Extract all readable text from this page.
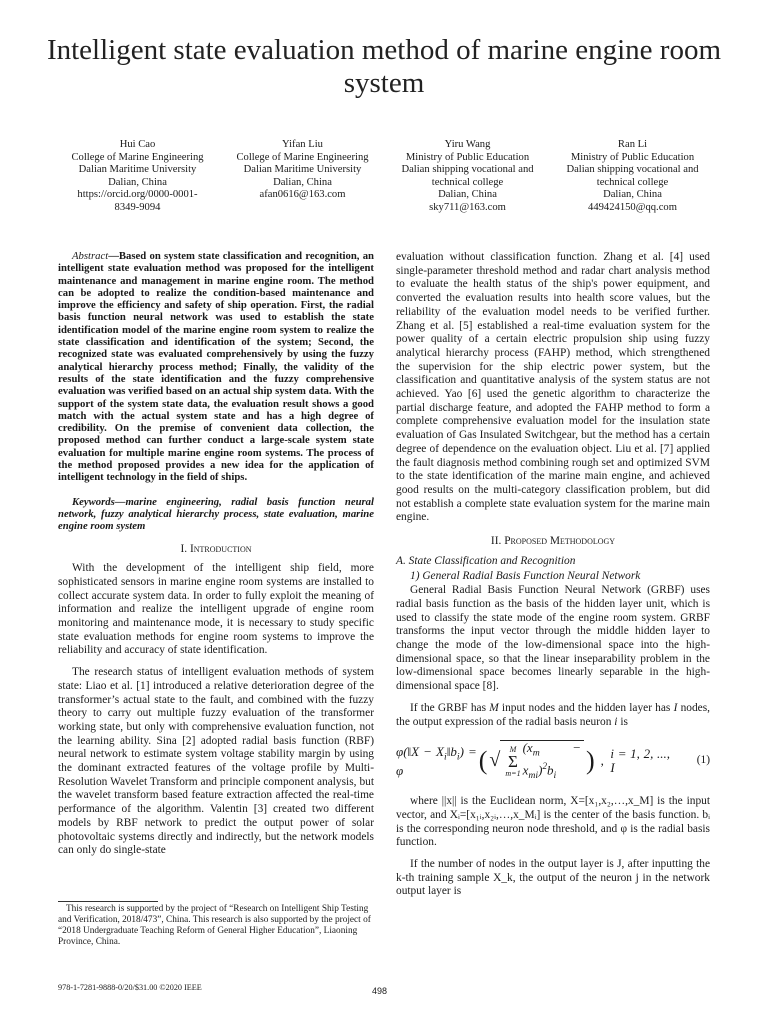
Intelligent state evaluation method of marine engine room system
Hui Cao
College of Marine Engineering
Dalian Maritime University
Dalian, China
https://orcid.org/0000-0001-
8349-9094
Yifan Liu
College of Marine Engineering
Dalian Maritime University
Dalian, China
afan0616@163.com
Yiru Wang
Ministry of Public Education
Dalian shipping vocational and
technical college
Dalian, China
sky711@163.com
Ran Li
Ministry of Public Education
Dalian shipping vocational and
technical college
Dalian, China
449424150@qq.com

Abstract—Based on system state classification and recognition, an intelligent state evaluation method was proposed for the intelligent maintenance and management in marine engine room. The method can be adopted to realize the condition-based maintenance and improve the efficiency and safety of ship operation. First, the radial basis function neural network was used to establish the state identification model of the marine engine room system to realize the state classification and identification of the system; Second, the recognized state was evaluated comprehensively by using the fuzzy analytical hierarchy process method; Finally, the validity of the results of the state identification and the fuzzy comprehensive evaluation was verified based on an actual ship system data. With the support of the system state data, the evaluation result shows a good match with the actual system state and has a high degree of credibility. On the premise of convenient data collection, the proposed method can further conduct a large-scale system state evaluation for multiple marine engine room systems. The process of the method proposed provides a new idea for the application of intelligent technology in the field of ships.

Keywords—marine engineering, radial basis function neural network, fuzzy analytical hierarchy process, state evaluation, marine engine room system

I. Introduction

With the development of the intelligent ship field, more sophisticated sensors in marine engine room systems are installed to collect accurate system data. In order to fully exploit the meaning of information and realize the intelligent upgrade of engine room monitoring and maintenance mode, it is necessary to study specific state evaluation methods for engine room systems to improve the reliability and accuracy of state identification.

The research status of intelligent evaluation methods of system state: Liao et al. [1] introduced a relative deterioration degree of the transformer’s actual state to the fault, and combined with the fuzzy theory to carry out multiple fuzzy evaluation of the transformer working state, but only with comprehensive evaluation function, not the learning ability. Sina [2] adopted radial basis function (RBF) neural network to estimate system voltage stability margin by using the dominant extracted features of the voltage profile by Multi-Resolution Wavelet Transform and principle component analysis, but the wavelet transform based feature extraction affected the real-time performance of the algorithm. Valentin [3] created two different models by RBF network to predict the output power of solar photovoltaic systems directly and indirectly, but the network models can only do single-state

evaluation without classification function. Zhang et al. [4] used single-parameter threshold method and radar chart analysis method to evaluate the health status of the ship's power equipment, and converted the evaluation results into health score values, but the reliability of the evaluation model needs to be verified further. Zhang et al. [5] established a real-time evaluation system for the power quality of a certain electric propulsion ship using fuzzy analytical hierarchy process (FAHP) method, which strengthened the supervision for the ship electric power system, but the classification and quantitative analysis of the system status are not achieved. Yao [6] used the genetic algorithm to characterize the partial discharge feature, and adopted the FAHP method to form a complete comprehensive evaluation model for the insulation state evaluation of Gas Insulated Switchgear, but the method has a certain degree of dependence on the evaluation object. Liu et al. [7] applied the fault diagnosis method combining rough set and optimized SVM to the state identification of the marine main engine, and achieved good results on the multi-category classification problem, but did not establish a complete state evaluation system for the marine main engine.

II. Proposed Methodology
A. State Classification and Recognition
1) General Radial Basis Function Neural Network

General Radial Basis Function Neural Network (GRBF) uses radial basis function as the basis of the hidden layer unit, which is used to classify the state mode of the engine room system. GRBF transforms the input vector through the middle hidden layer to change the mode of the low-dimensional space into the high-dimensional space, so that the linear inseparability problem in the low-dimensional space becomes linearly separable in the high-dimensional space [8].

If the GRBF has M input nodes and the hidden layer has I nodes, the output expression of the radial basis neuron i is

φ(‖X − $X_i‖b_i) = \varphi$	( √
M
Σ
m=1
$(x_m - x_{mi})^2b_i$
) , i = 1, 2, ..., I	(1)

where ||x|| is the Euclidean norm, X=[x₁,x₂,…,x_M] is the input vector, and Xᵢ=[x₁ᵢ,x₂ᵢ,…,x_Mᵢ] is the center of the basis function. bᵢ is the corresponding neuron node threshold, and φ is the radial basis function.

If the number of nodes in the output layer is J, after inputting the k-th training sample X_k, the output of the neuron j in the network output layer is

This research is supported by the project of “Research on Intelligent Ship Testing and Verification, 2018/473”, China. This research is also supported by the project of “2018 Undergraduate Teaching Reform of General Higher Education”, Liaoning Province, China.
978-1-7281-9888-0/20/$31.00 ©2020 IEEE	498
